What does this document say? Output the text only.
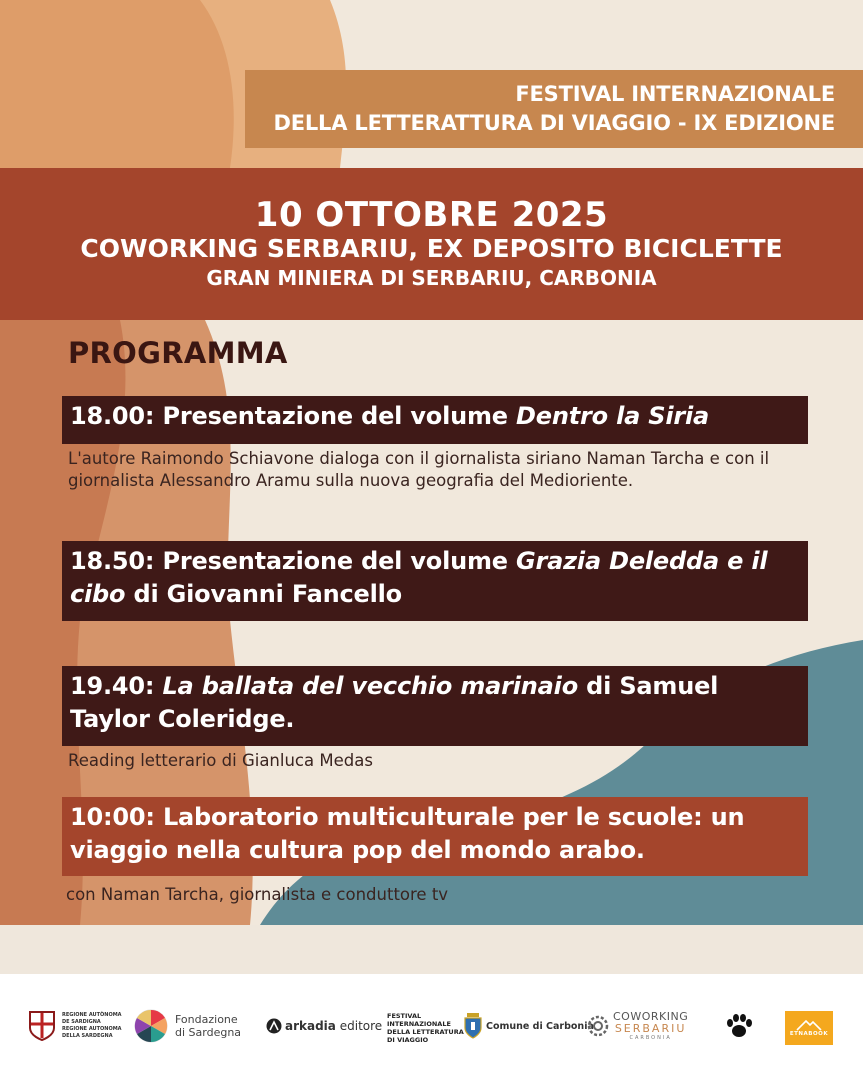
FESTIVAL INTERNAZIONALE
DELLA LETTERATTURA DI VIAGGIO - IX EDIZIONE
10 OTTOBRE 2025
COWORKING SERBARIU, EX DEPOSITO BICICLETTE
GRAN MINIERA DI SERBARIU, CARBONIA
PROGRAMMA
18.00: Presentazione del volume Dentro la Siria
L'autore Raimondo Schiavone dialoga con il giornalista siriano Naman Tarcha e con il giornalista Alessandro Aramu sulla nuova geografia del Medioriente.
18.50: Presentazione del volume Grazia Deledda e il cibo di Giovanni Fancello
19.40: La ballata del vecchio marinaio di Samuel Taylor Coleridge.
Reading letterario di Gianluca Medas
10:00: Laboratorio multiculturale per le scuole: un viaggio nella cultura pop del mondo arabo.
con Naman Tarcha, giornalista e conduttore tv
REGIONE AUTÒNOMA DE SARDIGNA
REGIONE AUTONOMA DELLA SARDEGNA
Fondazione
di Sardegna	arkadia editore
FESTIVAL
INTERNAZIONALE
DELLA LETTERATURA
DI VIAGGIO
Comune di Carbonia
COWORKING
SERBARIU
CARBONIA
ETNABOOK
